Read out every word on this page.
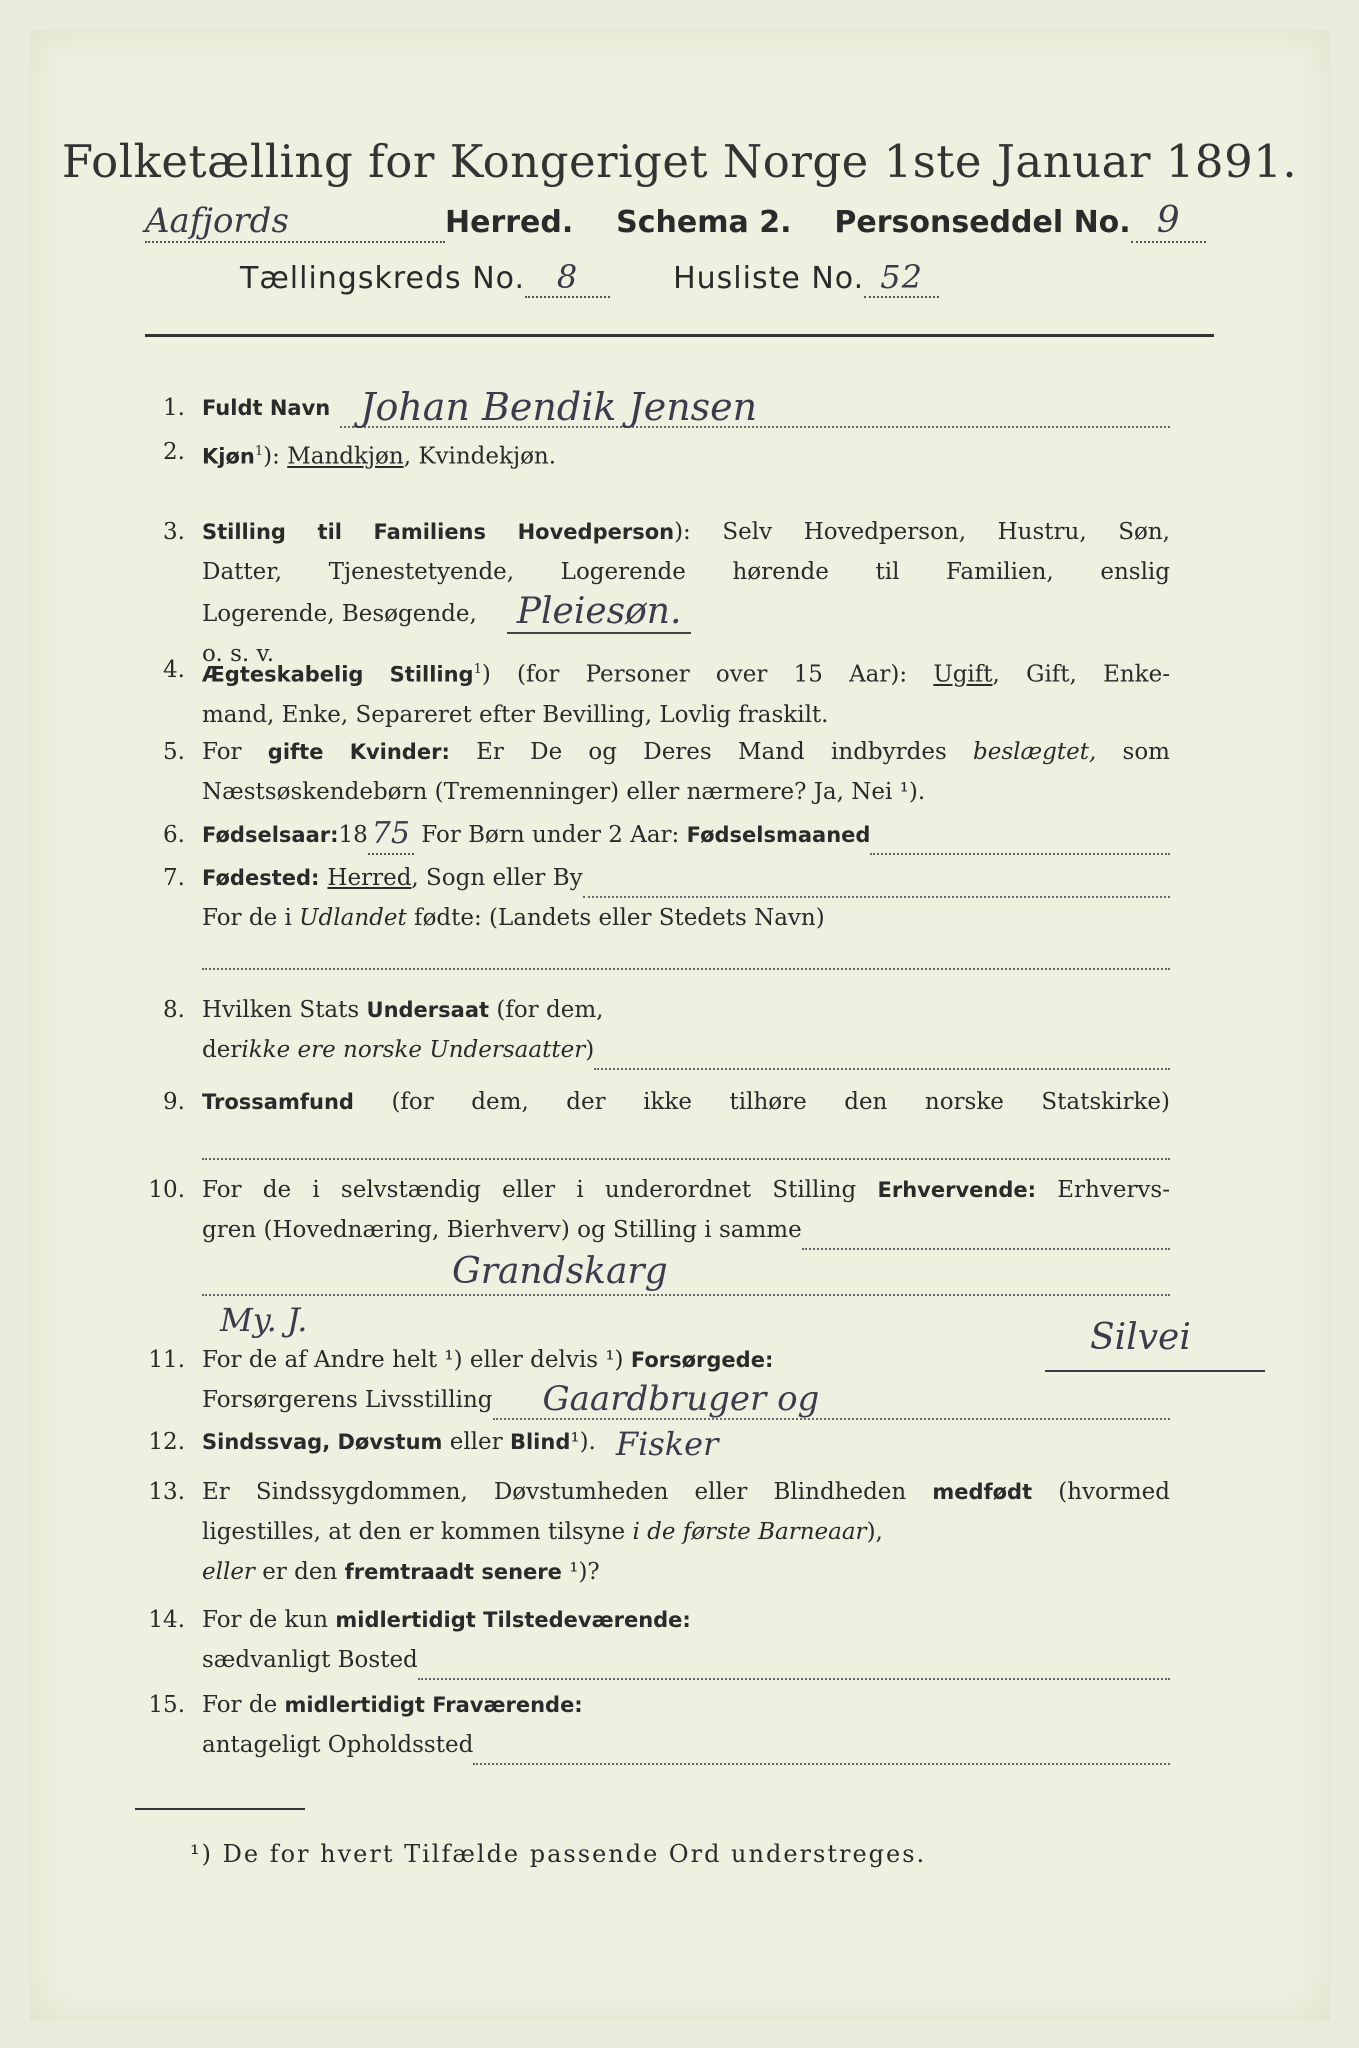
Folketælling for Kongeriget Norge 1ste Januar 1891.
Aafjords	Herred. Schema 2. Personseddel No. 9
Tællingskreds No. 8	Husliste No. 52
1. Fuldt Navn Johan Bendik Jensen
2. Kjøn$^1$): Mandkjøn, Kvindekjøn.
3. Stilling til Familiens Hovedperson): Selv Hovedperson, Hustru, Søn,
Datter, Tjenestetyende, Logerende hørende til Familien, enslig
Logerende, Besøgende, Pleiesøn.
o. s. v.
4. Ægteskabelig Stilling$^1$) (for Personer over 15 Aar): Ugift, Gift, Enke-
mand, Enke, Separeret efter Bevilling, Lovlig fraskilt.
5. For gifte Kvinder: Er De og Deres Mand indbyrdes beslægtet, som
Næstsøskendebørn (Tremenninger) eller nærmere? Ja, Nei ¹).
6. Fødselsaar: 18 75 For Børn under 2 Aar: Fødselsmaaned
7. Fødested: Herred , Sogn eller By
For de i Udlandet fødte: (Landets eller Stedets Navn)
8. Hvilken Stats Undersaat (for dem,
der ikke ere norske Undersaatter )
9. Trossamfund (for dem, der ikke tilhøre den norske Statskirke)
10. For de i selvstændig eller i underordnet Stilling Erhvervende: Erhvervs-
gren (Hovednæring, Bierhverv) og Stilling i samme
Grandskarg
My. J.
11. For de af Andre helt ¹) eller delvis ¹) Forsørgede:
Forsørgerens Livsstilling	Gaardbruger og
Silvei
12. Sindssvag, Døvstum eller Blind ¹). Fisker
13. Er Sindssygdommen, Døvstumheden eller Blindheden medfødt (hvormed
ligestilles, at den er kommen tilsyne i de første Barneaar),
eller er den fremtraadt senere ¹)?
14. For de kun midlertidigt Tilstedeværende:
sædvanligt Bosted
15. For de midlertidigt Fraværende:
antageligt Opholdssted
¹) De for hvert Tilfælde passende Ord understreges.
